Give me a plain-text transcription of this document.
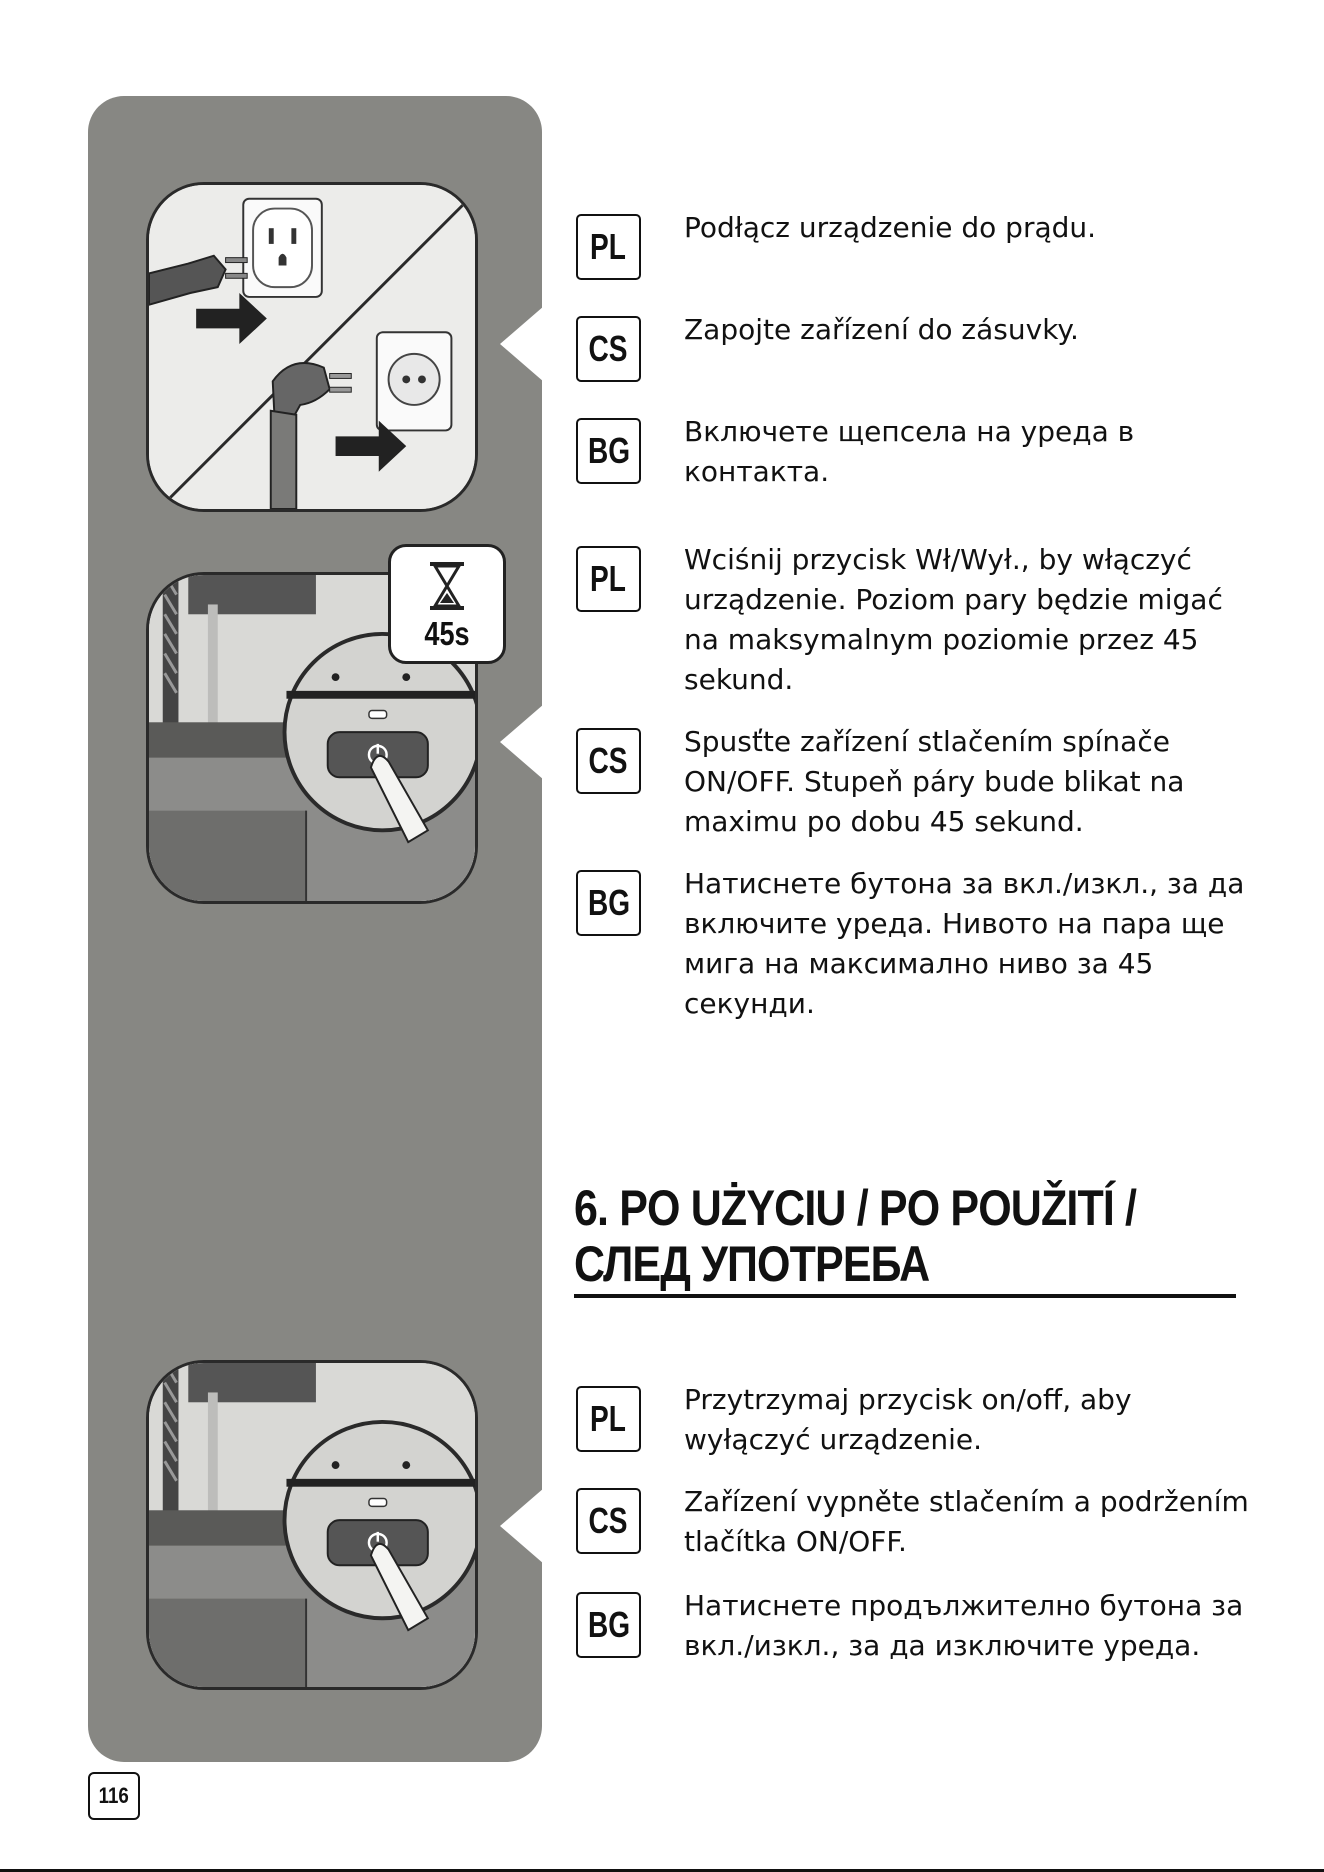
45s
PL Podłącz urządzenie do prądu.
CS Zapojte zařízení do zásuvky.
BG Включете щепсела на уреда в контакта.
PL Wciśnij przycisk Wł/Wył., by włączyć urządzenie. Poziom pary będzie migać na maksymalnym poziomie przez 45 sekund.
CS Spusťte zařízení stlačením spínače ON/OFF. Stupeň páry bude blikat na maximu po dobu 45 sekund.
BG Натиснете бутона за вкл./изкл., за да включите уреда. Нивото на пара ще мига на максимално ниво за 45 секунди.
6. PO UŻYCIU / PO POUŽITÍ / СЛЕД УПОТРЕБА
PL Przytrzymaj przycisk on/off, aby wyłączyć urządzenie.
CS Zařízení vypněte stlačením a podržením tlačítka ON/OFF.
BG Натиснете продължително бутона за вкл./изкл., за да изключите уреда.
116
